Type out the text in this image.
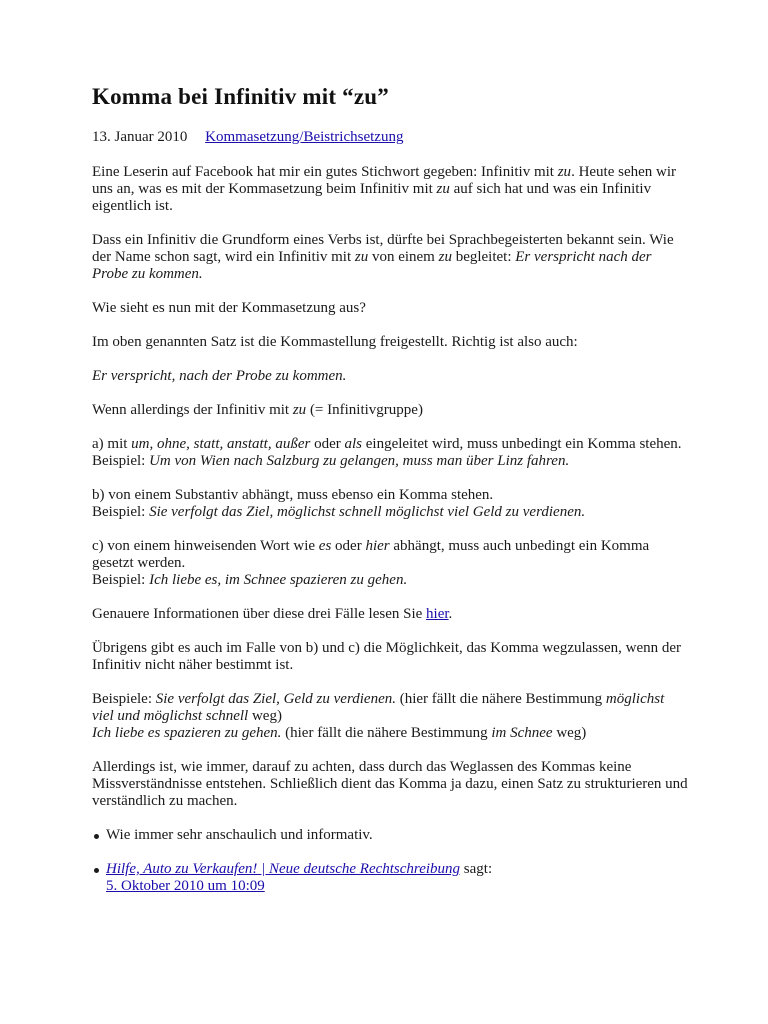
Komma bei Infinitiv mit “zu”
13. Januar 2010 Kommasetzung/Beistrichsetzung

Eine Leserin auf Facebook hat mir ein gutes Stichwort gegeben: Infinitiv mit zu. Heute sehen wir uns an, was es mit der Kommasetzung beim Infinitiv mit zu auf sich hat und was ein Infinitiv eigentlich ist.

Dass ein Infinitiv die Grundform eines Verbs ist, dürfte bei Sprachbegeisterten bekannt sein. Wie der Name schon sagt, wird ein Infinitiv mit zu von einem zu begleitet: Er verspricht nach der Probe zu kommen.

Wie sieht es nun mit der Kommasetzung aus?

Im oben genannten Satz ist die Kommastellung freigestellt. Richtig ist also auch:

Er verspricht, nach der Probe zu kommen.

Wenn allerdings der Infinitiv mit zu (= Infinitivgruppe)

a) mit um, ohne, statt, anstatt, außer oder als eingeleitet wird, muss unbedingt ein Komma stehen.
Beispiel: Um von Wien nach Salzburg zu gelangen, muss man über Linz fahren.

b) von einem Substantiv abhängt, muss ebenso ein Komma stehen.
Beispiel: Sie verfolgt das Ziel, möglichst schnell möglichst viel Geld zu verdienen.

c) von einem hinweisenden Wort wie es oder hier abhängt, muss auch unbedingt ein Komma gesetzt werden.
Beispiel: Ich liebe es, im Schnee spazieren zu gehen.

Genauere Informationen über diese drei Fälle lesen Sie hier.

Übrigens gibt es auch im Falle von b) und c) die Möglichkeit, das Komma wegzulassen, wenn der Infinitiv nicht näher bestimmt ist.

Beispiele: Sie verfolgt das Ziel, Geld zu verdienen. (hier fällt die nähere Bestimmung möglichst viel und möglichst schnell weg)
Ich liebe es spazieren zu gehen. (hier fällt die nähere Bestimmung im Schnee weg)

Allerdings ist, wie immer, darauf zu achten, dass durch das Weglassen des Kommas keine Missverständnisse entstehen. Schließlich dient das Komma ja dazu, einen Satz zu strukturieren und verständlich zu machen.

Wie immer sehr anschaulich und informativ.
Hilfe, Auto zu Verkaufen! | Neue deutsche Rechtschreibung sagt:
5. Oktober 2010 um 10:09
